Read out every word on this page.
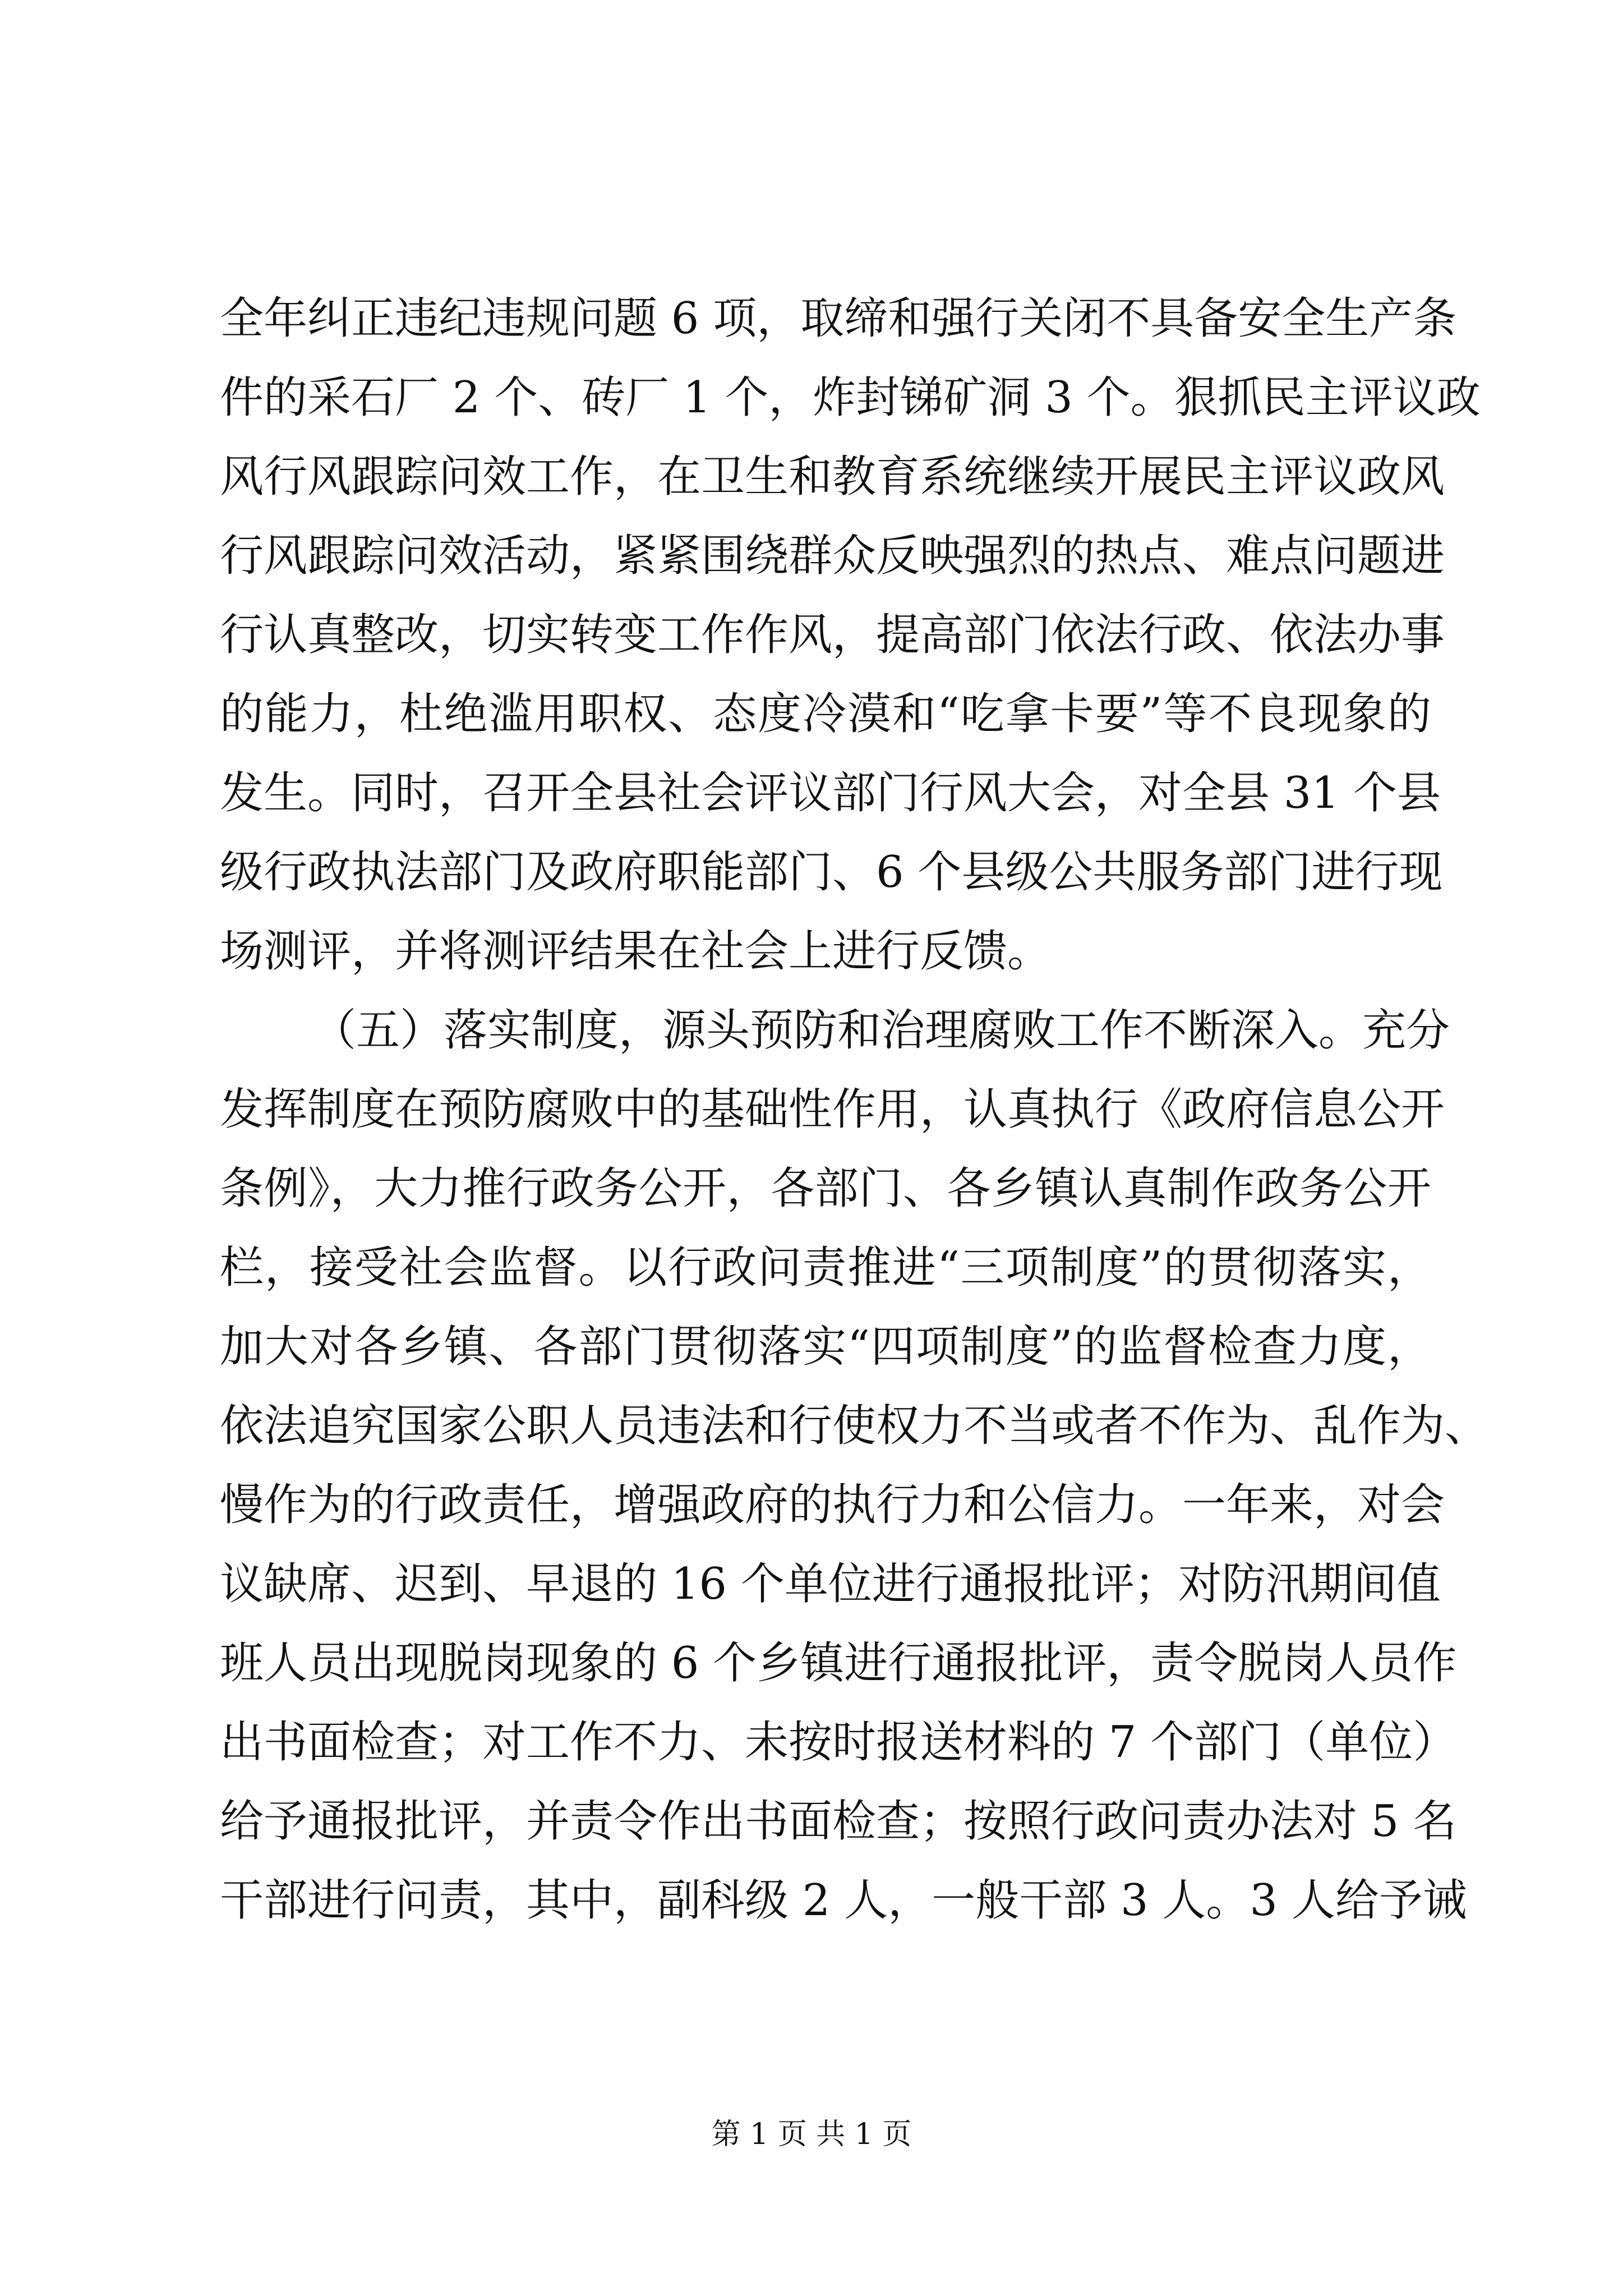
全年纠正违纪违规问题 6 项，取缔和强行关闭不具备安全生产条
件的采石厂 2 个、砖厂 1 个，炸封锑矿洞 3 个。狠抓民主评议政
风行风跟踪问效工作，在卫生和教育系统继续开展民主评议政风
行风跟踪问效活动，紧紧围绕群众反映强烈的热点、难点问题进
行认真整改，切实转变工作作风，提高部门依法行政、依法办事
的能力，杜绝滥用职权、态度冷漠和“吃拿卡要”等不良现象的
发生。同时，召开全县社会评议部门行风大会，对全县 31 个县
级行政执法部门及政府职能部门、6 个县级公共服务部门进行现
场测评，并将测评结果在社会上进行反馈。
（五）落实制度，源头预防和治理腐败工作不断深入。充分
发挥制度在预防腐败中的基础性作用，认真执行《政府信息公开
条例》，大力推行政务公开，各部门、各乡镇认真制作政务公开
栏，接受社会监督。以行政问责推进“三项制度”的贯彻落实，
加大对各乡镇、各部门贯彻落实“四项制度”的监督检查力度，
依法追究国家公职人员违法和行使权力不当或者不作为、乱作为、
慢作为的行政责任，增强政府的执行力和公信力。一年来，对会
议缺席、迟到、早退的 16 个单位进行通报批评；对防汛期间值
班人员出现脱岗现象的 6 个乡镇进行通报批评，责令脱岗人员作
出书面检查；对工作不力、未按时报送材料的 7 个部门（单位）
给予通报批评，并责令作出书面检查；按照行政问责办法对 5 名
干部进行问责，其中，副科级 2 人，一般干部 3 人。3 人给予诫
第 1 页 共 1 页
